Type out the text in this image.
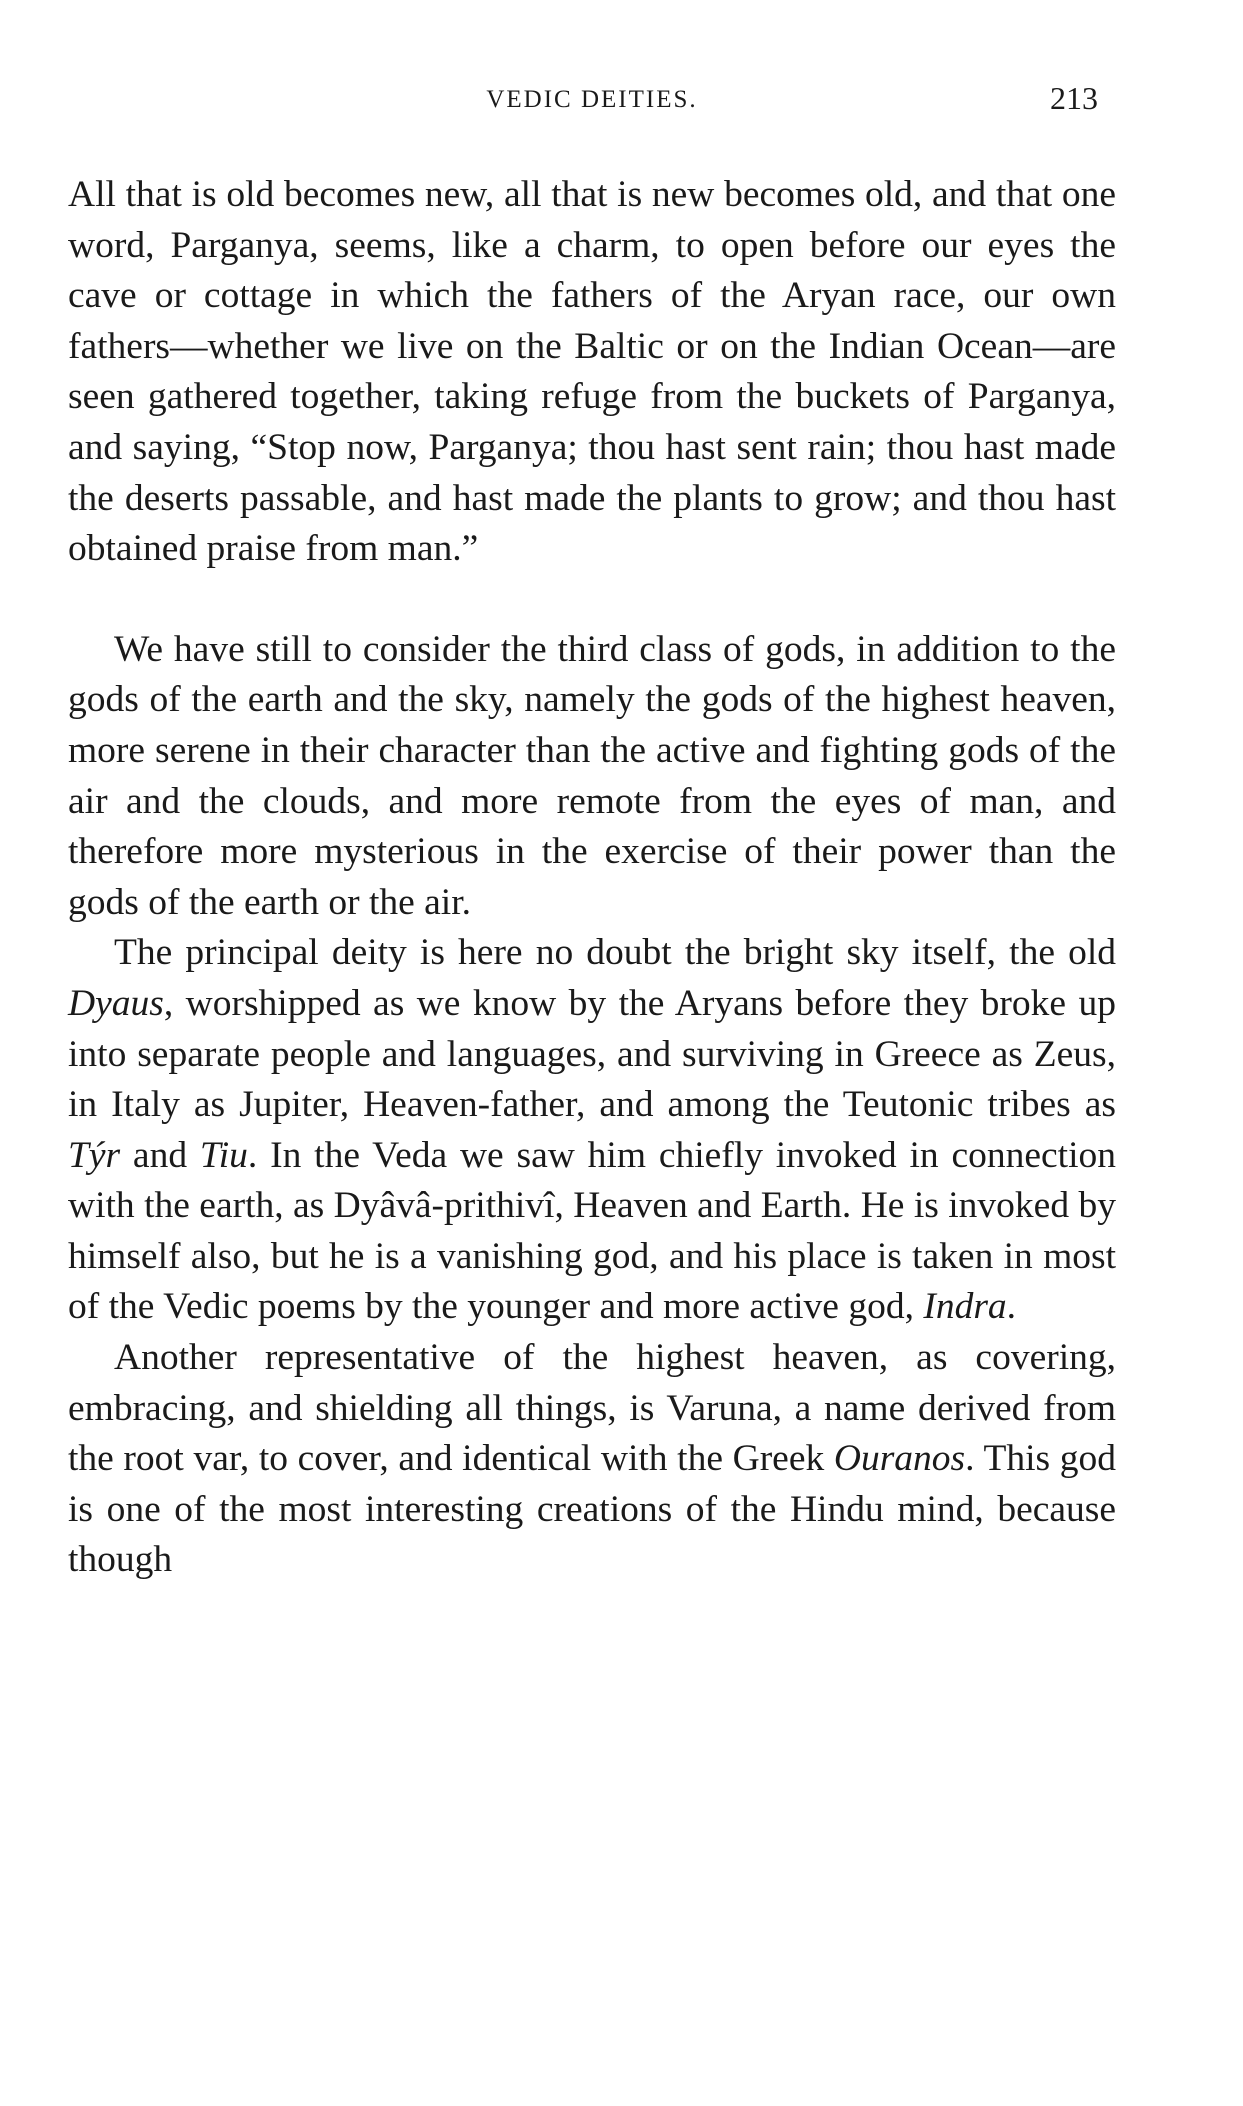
VEDIC DEITIES.	213

All that is old becomes new, all that is new becomes old, and that one word, Parganya, seems, like a charm, to open before our eyes the cave or cottage in which the fathers of the Aryan race, our own fathers—whether we live on the Baltic or on the Indian Ocean—are seen gathered together, taking refuge from the buckets of Parganya, and saying, “Stop now, Parganya; thou hast sent rain; thou hast made the deserts passable, and hast made the plants to grow; and thou hast obtained praise from man.”

We have still to consider the third class of gods, in addition to the gods of the earth and the sky, namely the gods of the highest heaven, more serene in their character than the active and fighting gods of the air and the clouds, and more remote from the eyes of man, and therefore more mysterious in the exercise of their power than the gods of the earth or the air.

The principal deity is here no doubt the bright sky itself, the old Dyaus, worshipped as we know by the Aryans before they broke up into separate people and languages, and surviving in Greece as Zeus, in Italy as Jupiter, Heaven-father, and among the Teutonic tribes as Týr and Tiu. In the Veda we saw him chiefly invoked in connection with the earth, as Dyâvâ-prithivî, Heaven and Earth. He is invoked by himself also, but he is a vanishing god, and his place is taken in most of the Vedic poems by the younger and more active god, Indra.

Another representative of the highest heaven, as covering, embracing, and shielding all things, is Varuna, a name derived from the root var, to cover, and identical with the Greek Ouranos. This god is one of the most interesting creations of the Hindu mind, because though
